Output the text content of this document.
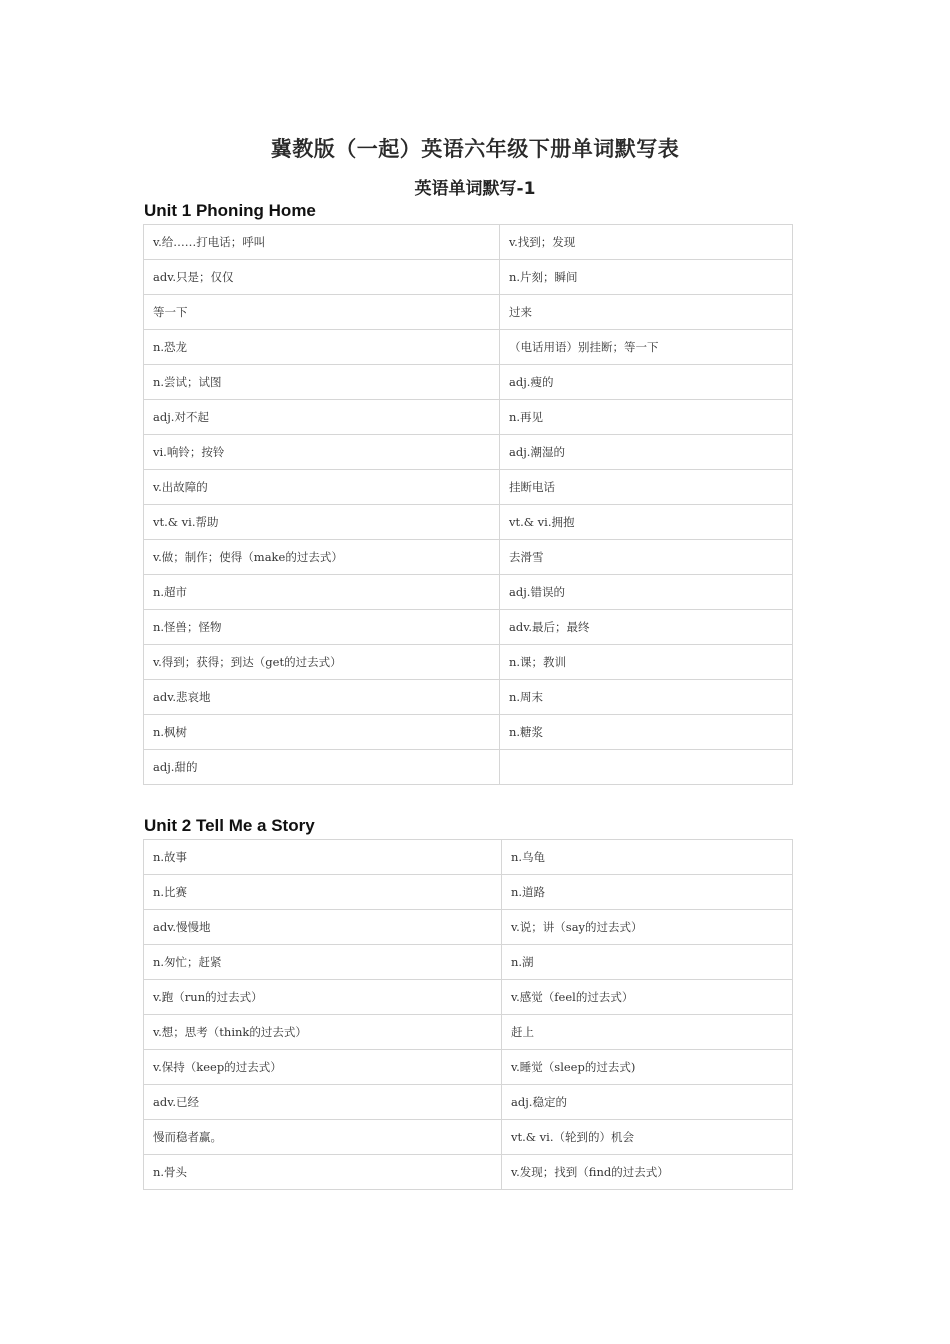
冀教版（一起）英语六年级下册单词默写表
英语单词默写-1
Unit 1 Phoning Home
v.给……打电话；呼叫	v.找到；发现
adv.只是；仅仅	n.片刻；瞬间
等一下	过来
n.恐龙	（电话用语）别挂断；等一下
n.尝试；试图	adj.瘦的
adj.对不起	n.再见
vi.响铃；按铃	adj.潮湿的
v.出故障的	挂断电话
vt.& vi.帮助	vt.& vi.拥抱
v.做；制作；使得（make的过去式）	去滑雪
n.超市	adj.错误的
n.怪兽；怪物	adv.最后；最终
v.得到；获得；到达（get的过去式）	n.课；教训
adv.悲哀地	n.周末
n.枫树	n.糖浆
adj.甜的	
Unit 2 Tell Me a Story
n.故事	n.乌龟
n.比赛	n.道路
adv.慢慢地	v.说；讲（say的过去式）
n.匆忙；赶紧	n.湖
v.跑（run的过去式）	v.感觉（feel的过去式）
v.想；思考（think的过去式）	赶上
v.保持（keep的过去式）	v.睡觉（sleep的过去式)
adv.已经	adj.稳定的
慢而稳者赢。	vt.& vi.（轮到的）机会
n.骨头	v.发现；找到（find的过去式）
